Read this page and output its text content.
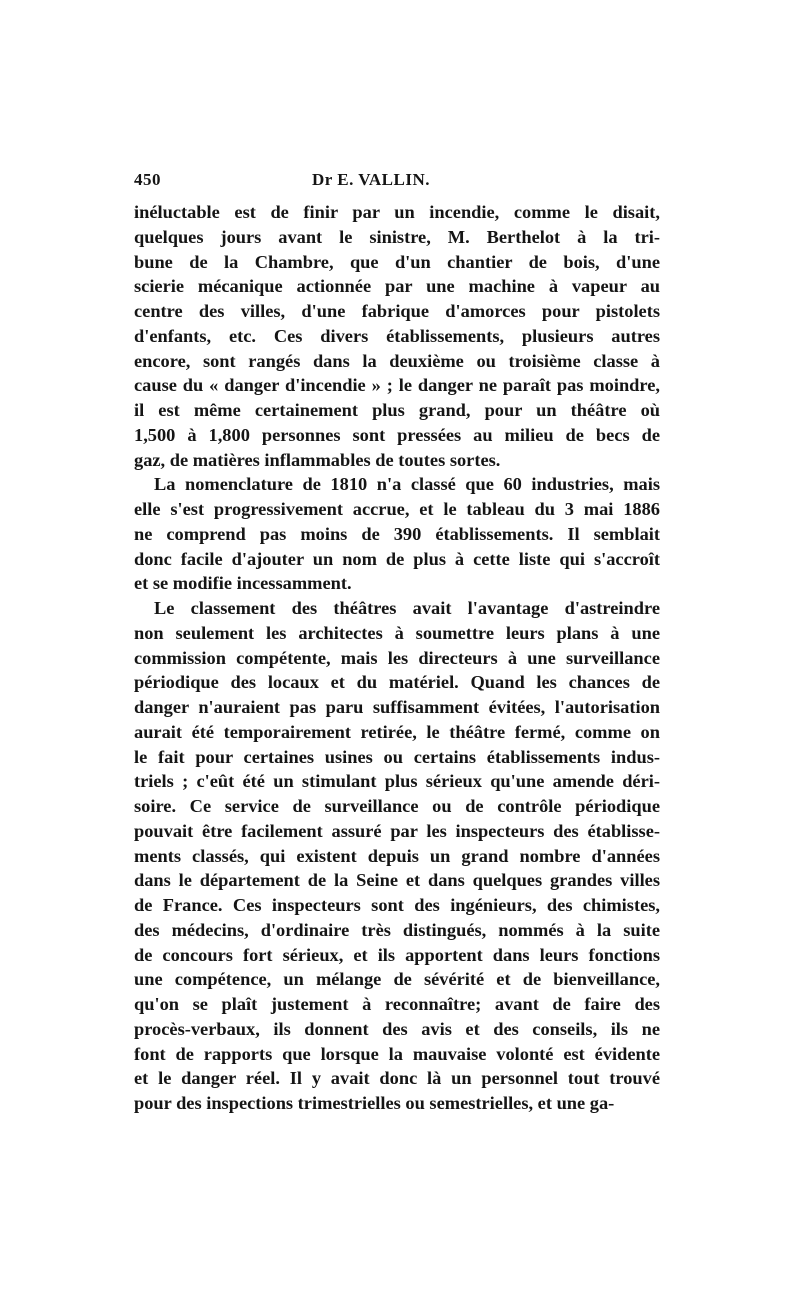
450	Dr E. VALLIN.
inéluctable est de finir par un incendie, comme le disait,
quelques jours avant le sinistre, M. Berthelot à la tri-
bune de la Chambre, que d'un chantier de bois, d'une
scierie mécanique actionnée par une machine à vapeur au
centre des villes, d'une fabrique d'amorces pour pistolets
d'enfants, etc. Ces divers établissements, plusieurs autres
encore, sont rangés dans la deuxième ou troisième classe à
cause du « danger d'incendie » ; le danger ne paraît pas moindre,
il est même certainement plus grand, pour un théâtre où
1,500 à 1,800 personnes sont pressées au milieu de becs de
gaz, de matières inflammables de toutes sortes.
La nomenclature de 1810 n'a classé que 60 industries, mais
elle s'est progressivement accrue, et le tableau du 3 mai 1886
ne comprend pas moins de 390 établissements. Il semblait
donc facile d'ajouter un nom de plus à cette liste qui s'accroît
et se modifie incessamment.
Le classement des théâtres avait l'avantage d'astreindre
non seulement les architectes à soumettre leurs plans à une
commission compétente, mais les directeurs à une surveillance
périodique des locaux et du matériel. Quand les chances de
danger n'auraient pas paru suffisamment évitées, l'autorisation
aurait été temporairement retirée, le théâtre fermé, comme on
le fait pour certaines usines ou certains établissements indus-
triels ; c'eût été un stimulant plus sérieux qu'une amende déri-
soire. Ce service de surveillance ou de contrôle périodique
pouvait être facilement assuré par les inspecteurs des établisse-
ments classés, qui existent depuis un grand nombre d'années
dans le département de la Seine et dans quelques grandes villes
de France. Ces inspecteurs sont des ingénieurs, des chimistes,
des médecins, d'ordinaire très distingués, nommés à la suite
de concours fort sérieux, et ils apportent dans leurs fonctions
une compétence, un mélange de sévérité et de bienveillance,
qu'on se plaît justement à reconnaître; avant de faire des
procès-verbaux, ils donnent des avis et des conseils, ils ne
font de rapports que lorsque la mauvaise volonté est évidente
et le danger réel. Il y avait donc là un personnel tout trouvé
pour des inspections trimestrielles ou semestrielles, et une ga-
